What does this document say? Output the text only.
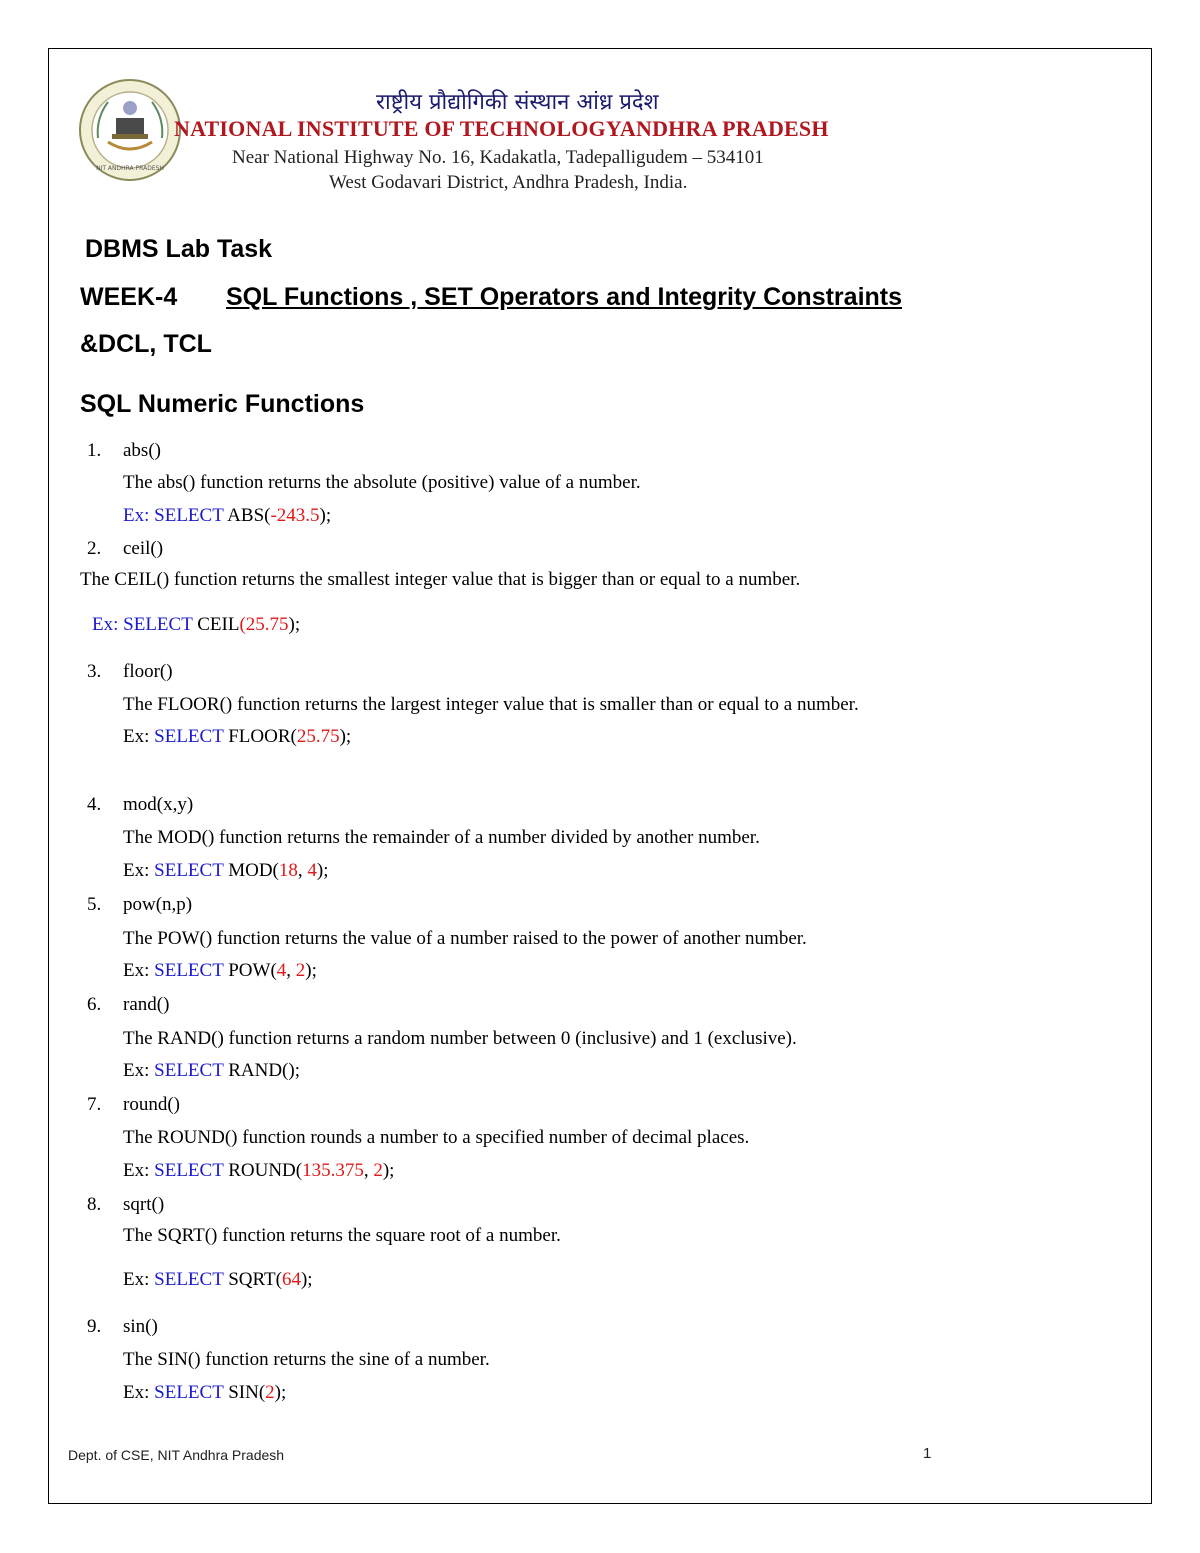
NIT ANDHRA PRADESH
राष्ट्रीय प्रौद्योगिकी संस्थान आंध्र प्रदेश
NATIONAL INSTITUTE OF TECHNOLOGYANDHRA PRADESH
Near National Highway No. 16, Kadakatla, Tadepalligudem – 534101
West Godavari District, Andhra Pradesh, India.
DBMS Lab Task
WEEK-4 SQL Functions , SET Operators and Integrity Constraints
&DCL, TCL
SQL Numeric Functions
1. abs()
The abs() function returns the absolute (positive) value of a number.
Ex: SELECT ABS(-243.5);
2. ceil()
The CEIL() function returns the smallest integer value that is bigger than or equal to a number.
Ex: SELECT CEIL(25.75);
3. floor()
The FLOOR() function returns the largest integer value that is smaller than or equal to a number.
Ex: SELECT FLOOR(25.75);
4. mod(x,y)
The MOD() function returns the remainder of a number divided by another number.
Ex: SELECT MOD(18, 4);
5. pow(n,p)
The POW() function returns the value of a number raised to the power of another number.
Ex: SELECT POW(4, 2);
6. rand()
The RAND() function returns a random number between 0 (inclusive) and 1 (exclusive).
Ex: SELECT RAND();
7. round()
The ROUND() function rounds a number to a specified number of decimal places.
Ex: SELECT ROUND(135.375, 2);
8. sqrt()
The SQRT() function returns the square root of a number.
Ex: SELECT SQRT(64);
9. sin()
The SIN() function returns the sine of a number.
Ex: SELECT SIN(2);
Dept. of CSE, NIT Andhra Pradesh	1
